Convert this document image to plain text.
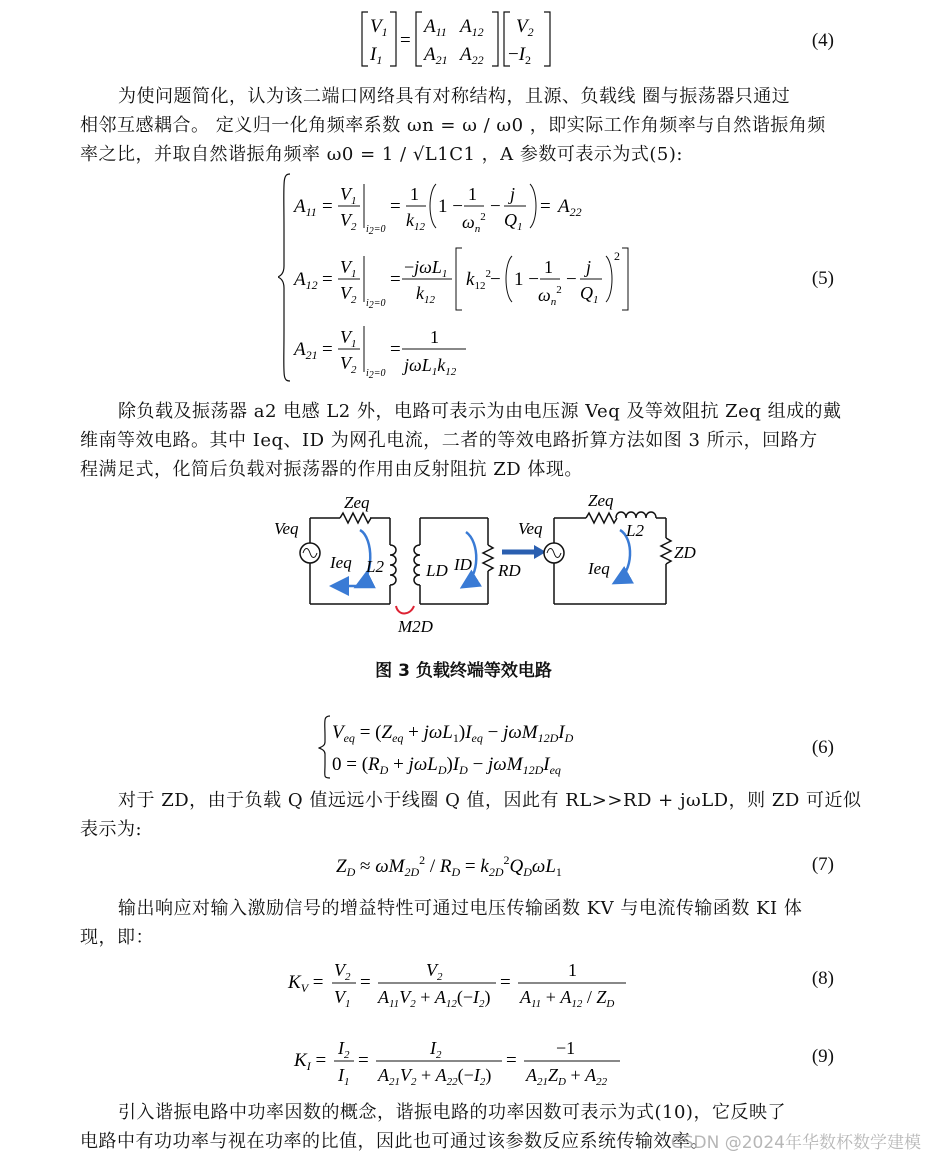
$V_1$
$I_1$
=
$A_{11}$ $A_{12}$
$A_{21}$ $A_{22}$
$V_2$
$-I_2$
(4)
为使问题简化，认为该二端口网络具有对称结构，且源、负载线 圈与振荡器只通过
相邻互感耦合。 定义归一化角频率系数 ωn = ω / ω0 ，即实际工作角频率与自然谐振角频
率之比，并取自然谐振角频率 ω0 = 1 / √L1C1 ，A 参数可表示为式(5):
$A_{11}$ =
$V_1$
$V_2$ i2=0
=
1
$k_{12}$
1 −
1
$\omega_n^2$ −
j
$Q_1$
= $A_{22}$
$A_{12}$ =
$V_1$
$V_2$ i2=0
=
−jωL$_1$
$k_{12}$
$k_{12}^2 - 1$ −
1
$\omega_n^2$ −
j
$Q_1$
2
$A_{21}$ =
$V_1$
$V_2$ i2=0
=
1
$j\omega L_1k_{12}$
(5)
除负载及振荡器 a2 电感 L2 外，电路可表示为由电压源 Veq 及等效阻抗 Zeq 组成的戴
维南等效电路。其中 Ieq、ID 为网孔电流，二者的等效电路折算方法如图 3 所示，回路方
程满足式，化简后负载对振荡器的作用由反射阻抗 ZD 体现。
Veq
Zeq
Ieq L2 LD ID RD
M2D
Veq
Zeq
L2
Ieq
ZD
图 3 负载终端等效电路
$V_{eq} = (Z_{eq} + j\omega L_1)I_{eq} - j\omega M_{12D}I_D$
$0 = (R_D + j\omega L_D)I_D - j\omega M_{12D}I_{eq}$
(6)
对于 ZD，由于负载 Q 值远远小于线圈 Q 值，因此有 RL>>RD + jωLD，则 ZD 可近似
表示为:
$Z_D \approx \omega M_{2D}^2 / R_D = k_{2D}^2Q_D\omega L_1$	(7)
输出响应对输入激励信号的增益特性可通过电压传输函数 KV 与电流传输函数 KI 体
现，即：
$K_V$ =
$V_2$
$V_1$
=
$V_2$
$A_{11}V_2 + A_{12}(-I_2)$
=
1
$A_{11} + A_{12} / Z_D$
(8)
$K_I$ =
$I_2$
$I_1$
=
$I_2$
$A_{21}V_2 + A_{22}(-I_2)$
=
−1
$A_{21}Z_D + A_{22}$
(9)
引入谐振电路中功率因数的概念，谐振电路的功率因数可表示为式(10)，它反映了
电路中有功功率与视在功率的比值，因此也可通过该参数反应系统传输效率。
CSDN @2024年华数杯数学建模
